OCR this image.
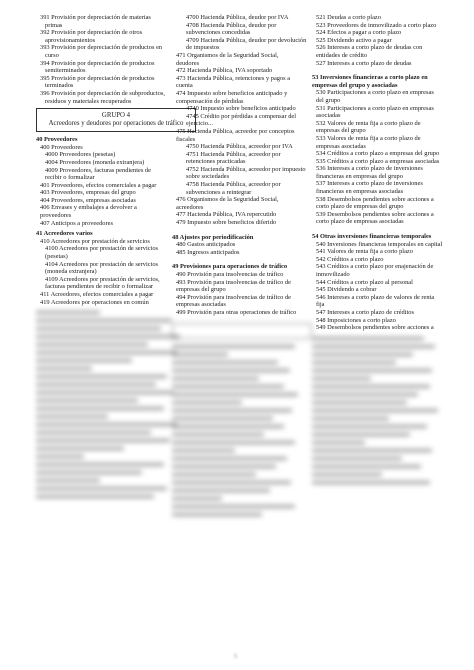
391 Provisión por depreciación de materias
primas
392 Provisión por depreciación de otros
aprovisionamientos
393 Provisión por depreciación de productos en
curso
394 Provisión por depreciación de productos
semiterminados
395 Provisión por depreciación de productos
terminados
396 Provisión por depreciación de subproductos,
residuos y materiales recuperados
GRUPO 4
Acreedores y deudores por operaciones de tráfico
40 Proveedores
400 Proveedores
4000 Proveedores (pesetas)
4004 Proveedores (moneda extranjera)
4009 Proveedores, facturas pendientes de
recibir o formalizar
401 Proveedores, efectos comerciales a pagar
403 Proveedores, empresas del grupo
404 Proveedores, empresas asociadas
406 Envases y embalajes a devolver a
proveedores
407 Anticipos a proveedores
41 Acreedores varios
410 Acreedores por prestación de servicios
4100 Acreedores por prestación de servicios
(pesetas)
4104 Acreedores por prestación de servicios
(moneda extranjera)
4109 Acreedores por prestación de servicios,
facturas pendientes de recibir o formalizar
411 Acreedores, efectos comerciales a pagar
419 Acreedores por operaciones en común
4700 Hacienda Pública, deudor por IVA
4708 Hacienda Pública, deudor por
subvenciones concedidas
4709 Hacienda Pública, deudor por devolución
de impuestos
471 Organismos de la Seguridad Social,
deudores
472 Hacienda Pública, IVA soportado
473 Hacienda Pública, retenciones y pagos a
cuenta
474 Impuesto sobre beneficios anticipado y
compensación de pérdidas
4740 Impuesto sobre beneficios anticipado
4745 Crédito por pérdidas a compensar del
ejercicio...
475 Hacienda Pública, acreedor por conceptos
fiscales
4750 Hacienda Pública, acreedor por IVA
4751 Hacienda Pública, acreedor por
retenciones practicadas
4752 Hacienda Pública, acreedor por impuesto
sobre sociedades
4758 Hacienda Pública, acreedor por
subvenciones a reintegrar
476 Organismos de la Seguridad Social,
acreedores
477 Hacienda Pública, IVA repercutido
479 Impuesto sobre beneficios diferido
48 Ajustes por periodificación
480 Gastos anticipados
485 Ingresos anticipados
49 Provisiones para operaciones de tráfico
490 Provisión para insolvencias de tráfico
493 Provisión para insolvencias de tráfico de
empresas del grupo
494 Provisión para insolvencias de tráfico de
empresas asociadas
499 Provisión para otras operaciones de tráfico
521 Deudas a corto plazo
523 Proveedores de inmovilizado a corto plazo
524 Efectos a pagar a corto plazo
525 Dividendo activo a pagar
526 Intereses a corto plazo de deudas con
entidades de crédito
527 Intereses a corto plazo de deudas
53 Inversiones financieras a corto plazo en
empresas del grupo y asociadas
530 Participaciones a corto plazo en empresas
del grupo
531 Participaciones a corto plazo en empresas
asociadas
532 Valores de renta fija a corto plazo de
empresas del grupo
533 Valores de renta fija a corto plazo de
empresas asociadas
534 Créditos a corto plazo a empresas del grupo
535 Créditos a corto plazo a empresas asociadas
536 Intereses a corto plazo de inversiones
financieras en empresas del grupo
537 Intereses a corto plazo de inversiones
financieras en empresas asociadas
538 Desembolsos pendientes sobre acciones a
corto plazo de empresas del grupo
539 Desembolsos pendientes sobre acciones a
corto plazo de empresas asociadas
54 Otras inversiones financieras temporales
540 Inversiones financieras temporales en capital
541 Valores de renta fija a corto plazo
542 Créditos a corto plazo
543 Créditos a corto plazo por enajenación de
inmovilizado
544 Créditos a corto plazo al personal
545 Dividendo a cobrar
546 Intereses a corto plazo de valores de renta
fija
547 Intereses a corto plazo de créditos
548 Imposiciones a corto plazo
549 Desembolsos pendientes sobre acciones a
5
